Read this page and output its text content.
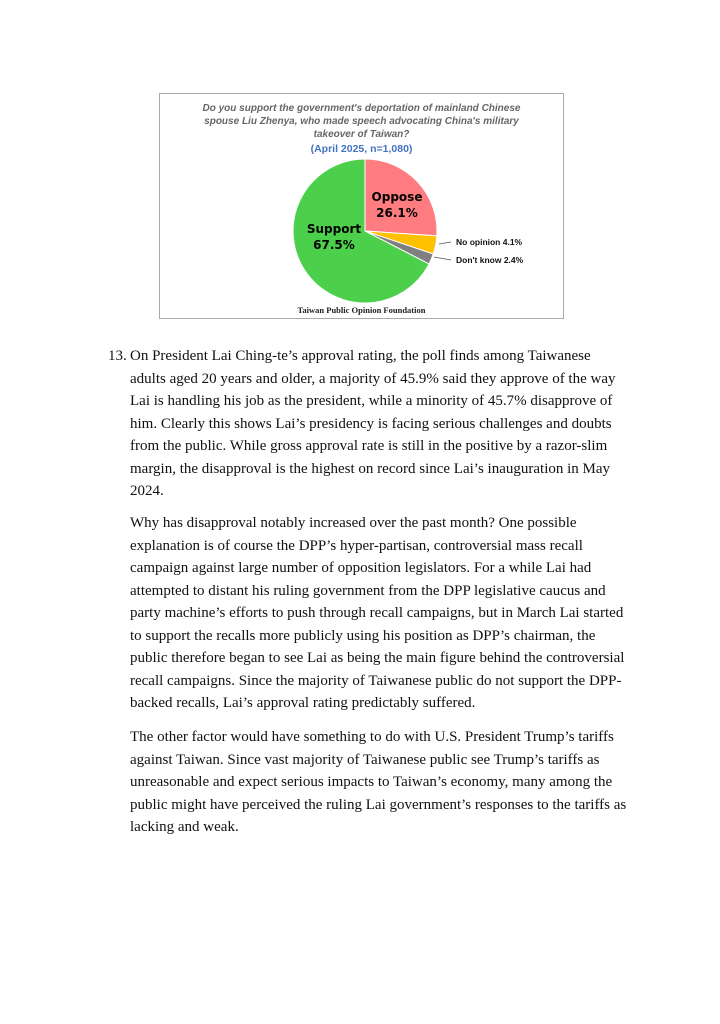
Do you support the government's deportation of mainland Chinese
spouse Liu Zhenya, who made speech advocating China's military
takeover of Taiwan?
(April 2025, n=1,080)
Oppose
26.1%
Support
67.5%	No opinion 4.1%
Don't know 2.4%
Taiwan Public Opinion Foundation
13. On President Lai Ching-te’s approval rating, the poll finds among Taiwanese
adults aged 20 years and older, a majority of 45.9% said they approve of the way
Lai is handling his job as the president, while a minority of 45.7% disapprove of
him. Clearly this shows Lai’s presidency is facing serious challenges and doubts
from the public. While gross approval rate is still in the positive by a razor-slim
margin, the disapproval is the highest on record since Lai’s inauguration in May
2024.

Why has disapproval notably increased over the past month? One possible
explanation is of course the DPP’s hyper-partisan, controversial mass recall
campaign against large number of opposition legislators. For a while Lai had
attempted to distant his ruling government from the DPP legislative caucus and
party machine’s efforts to push through recall campaigns, but in March Lai started
to support the recalls more publicly using his position as DPP’s chairman, the
public therefore began to see Lai as being the main figure behind the controversial
recall campaigns. Since the majority of Taiwanese public do not support the DPP-
backed recalls, Lai’s approval rating predictably suffered.

The other factor would have something to do with U.S. President Trump’s tariffs
against Taiwan. Since vast majority of Taiwanese public see Trump’s tariffs as
unreasonable and expect serious impacts to Taiwan’s economy, many among the
public might have perceived the ruling Lai government’s responses to the tariffs as
lacking and weak.
